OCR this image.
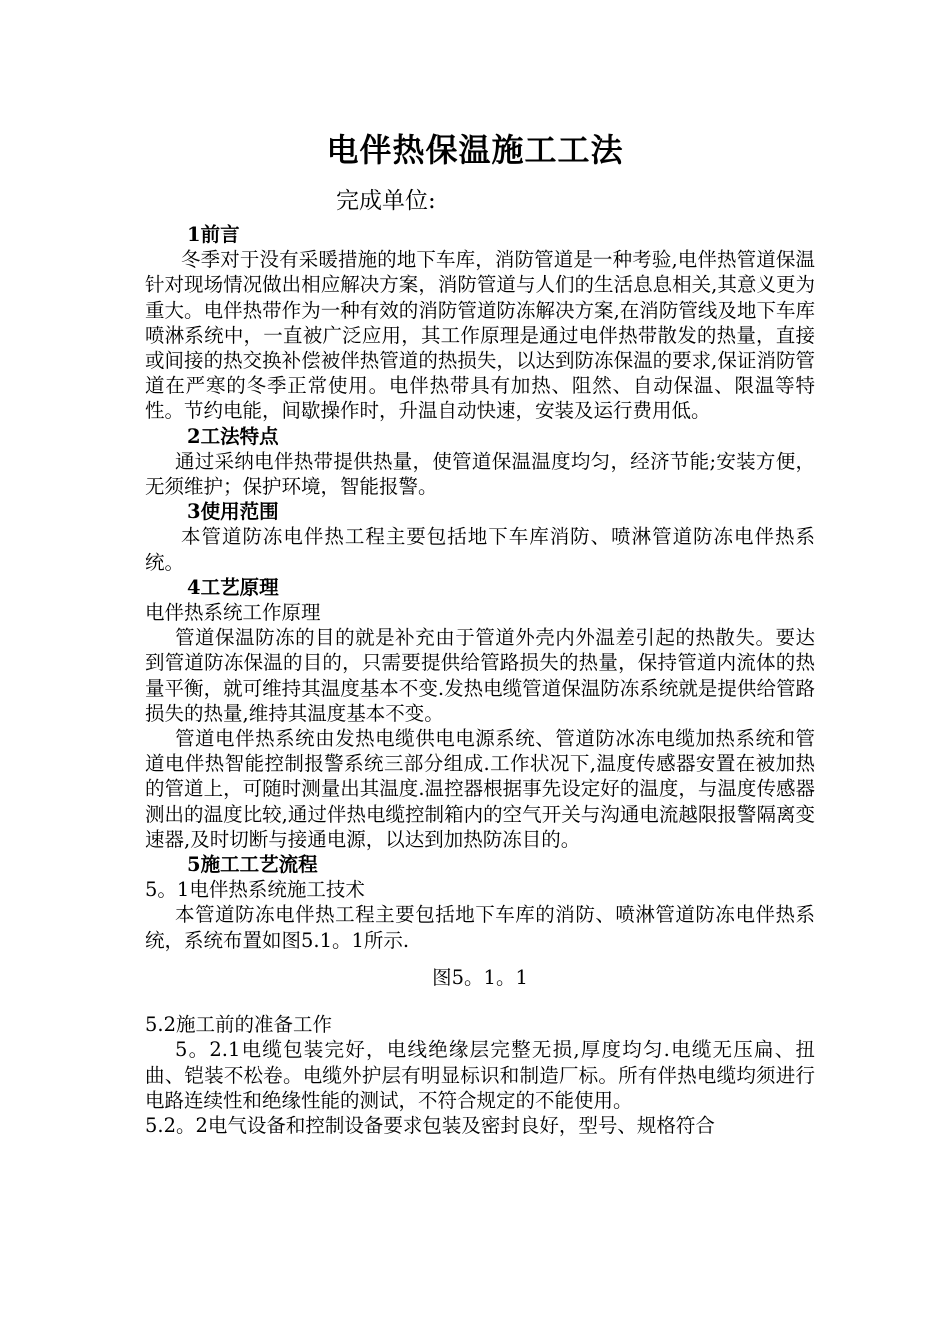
电伴热保温施工工法
完成单位:

1前言

冬季对于没有采暖措施的地下车库，消防管道是一种考验,电伴热管道保温针对现场情况做出相应解决方案，消防管道与人们的生活息息相关,其意义更为重大。电伴热带作为一种有效的消防管道防冻解决方案,在消防管线及地下车库喷淋系统中，一直被广泛应用，其工作原理是通过电伴热带散发的热量，直接或间接的热交换补偿被伴热管道的热损失，以达到防冻保温的要求,保证消防管道在严寒的冬季正常使用。电伴热带具有加热、阻然、自动保温、限温等特性。节约电能，间歇操作时，升温自动快速，安装及运行费用低。

2工法特点

通过采纳电伴热带提供热量，使管道保温温度均匀，经济节能;安装方便，无须维护；保护环境，智能报警。

3使用范围

本管道防冻电伴热工程主要包括地下车库消防、喷淋管道防冻电伴热系统。

4工艺原理

电伴热系统工作原理

管道保温防冻的目的就是补充由于管道外壳内外温差引起的热散失。要达到管道防冻保温的目的，只需要提供给管路损失的热量，保持管道内流体的热量平衡，就可维持其温度基本不变.发热电缆管道保温防冻系统就是提供给管路损失的热量,维持其温度基本不变。

管道电伴热系统由发热电缆供电电源系统、管道防冰冻电缆加热系统和管道电伴热智能控制报警系统三部分组成.工作状况下,温度传感器安置在被加热的管道上，可随时测量出其温度.温控器根据事先设定好的温度，与温度传感器测出的温度比较,通过伴热电缆控制箱内的空气开关与沟通电流越限报警隔离变速器,及时切断与接通电源，以达到加热防冻目的。

5施工工艺流程

5。1电伴热系统施工技术

本管道防冻电伴热工程主要包括地下车库的消防、喷淋管道防冻电伴热系统，系统布置如图5.1。1所示.

图5。1。1

5.2施工前的准备工作

5。2.1电缆包装完好，电线绝缘层完整无损,厚度均匀.电缆无压扁、扭曲、铠装不松卷。电缆外护层有明显标识和制造厂标。所有伴热电缆均须进行电路连续性和绝缘性能的测试，不符合规定的不能使用。

5.2。2电气设备和控制设备要求包装及密封良好，型号、规格符合
